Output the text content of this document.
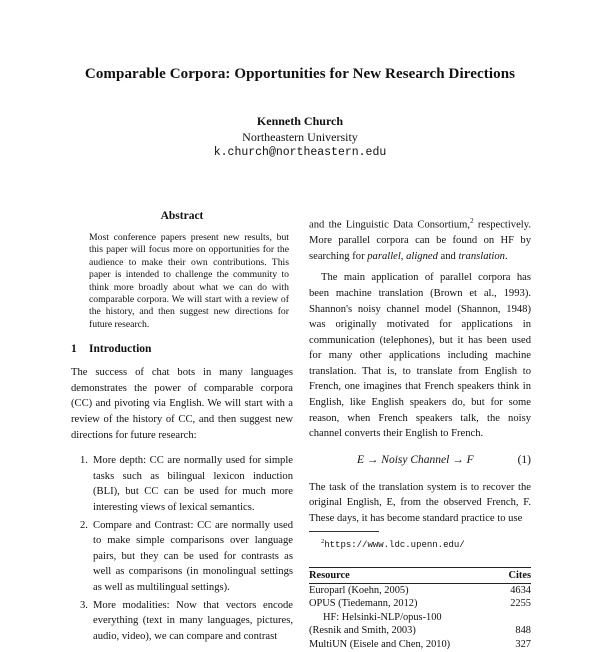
Comparable Corpora: Opportunities for New Research Directions
Kenneth Church
Northeastern University
k.church@northeastern.edu
Abstract
Most conference papers present new results, but this paper will focus more on opportunities for the audience to make their own contributions. This paper is intended to challenge the community to think more broadly about what we can do with comparable corpora. We will start with a review of the history, and then suggest new directions for future research.
1 Introduction

The success of chat bots in many languages demonstrates the power of comparable corpora (CC) and pivoting via English. We will start with a review of the history of CC, and then suggest new directions for future research:

1. More depth: CC are normally used for simple tasks such as bilingual lexicon induction (BLI), but CC can be used for much more interesting views of lexical semantics.
2. Compare and Contrast: CC are normally used to make simple comparisons over language pairs, but they can be used for contrasts as well as comparisons (in monolingual settings as well as multilingual settings).
3. More modalities: Now that vectors encode everything (text in many languages, pictures, audio, video), we can compare and contrast

and the Linguistic Data Consortium,$^2$ respectively. More parallel corpora can be found on HF by searching for parallel, aligned and translation.

The main application of parallel corpora has been machine translation (Brown et al., 1993). Shannon's noisy channel model (Shannon, 1948) was originally motivated for applications in communication (telephones), but it has been used for many other applications including machine translation. That is, to translate from English to French, one imagines that French speakers think in English, like English speakers do, but for some reason, when French speakers talk, the noisy channel converts their English to French.

E → Noisy Channel → F	(1)

The task of the translation system is to recover the original English, E, from the observed French, F. These days, it has become standard practice to use

$^2$https://www.ldc.upenn.edu/
Resource	Cites
Europarl (Koehn, 2005)	4634
OPUS (Tiedemann, 2012)	2255
HF: Helsinki-NLP/opus-100	
(Resnik and Smith, 2003)	848
MultiUN (Eisele and Chen, 2010)	327
